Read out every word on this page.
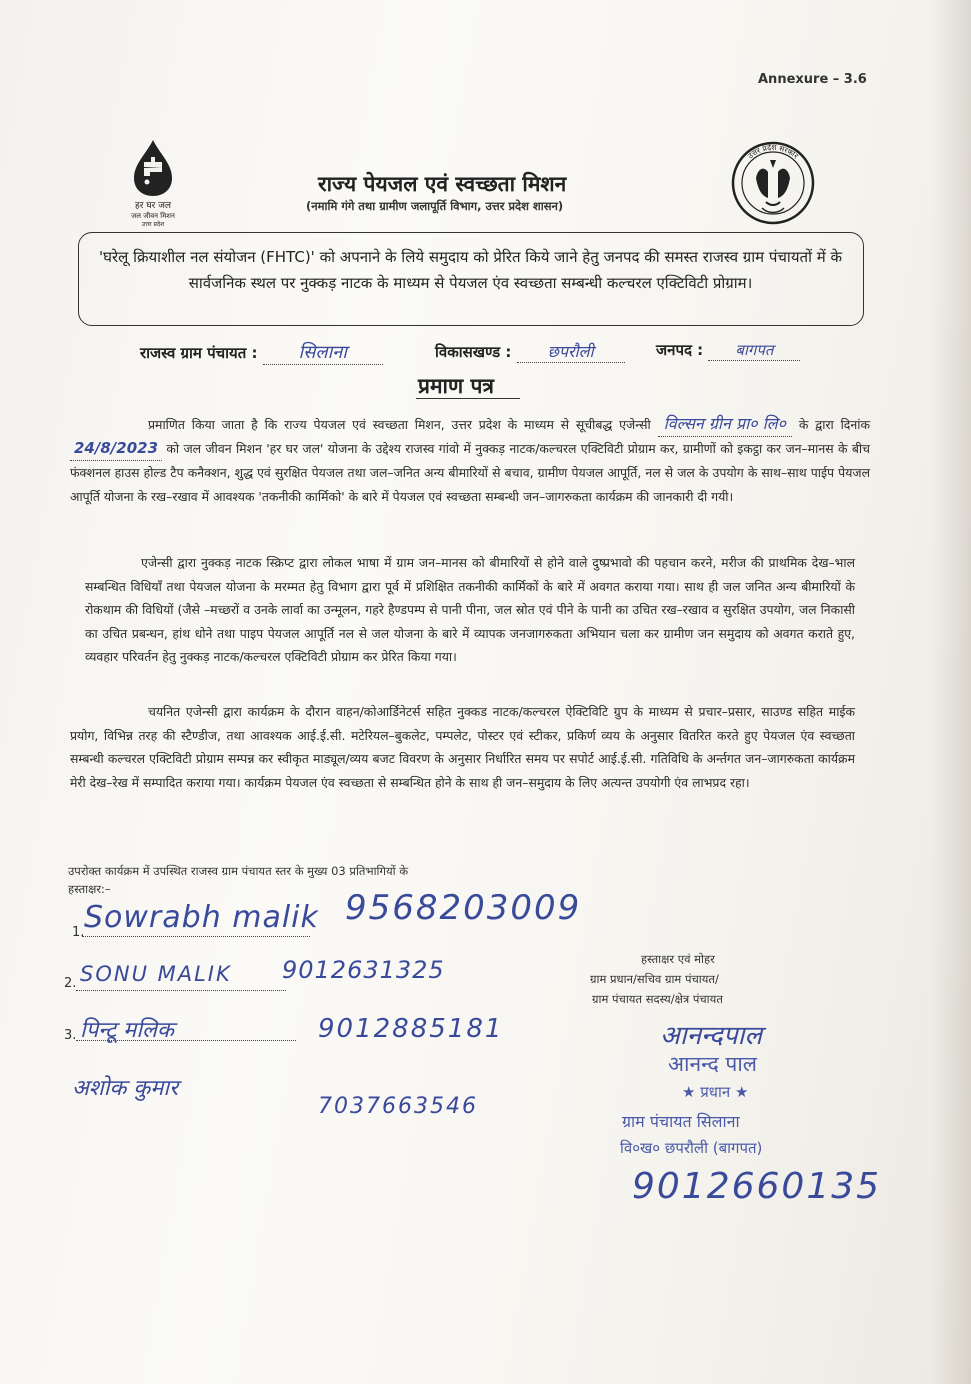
Annexure – 3.6
हर घर जल
जल जीवन मिशन
उत्तर प्रदेश
उत्तर प्रदेश सरकार
राज्य पेयजल एवं स्वच्छता मिशन
(नमामि गंगे तथा ग्रामीण जलापूर्ति विभाग, उत्तर प्रदेश शासन)
'घरेलू क्रियाशील नल संयोजन (FHTC)' को अपनाने के लिये समुदाय को प्रेरित किये जाने हेतु जनपद की समस्त राजस्व ग्राम पंचायतों में के सार्वजनिक स्थल पर नुक्कड़ नाटक के माध्यम से पेयजल एंव स्वच्छता सम्बन्धी कल्चरल एक्टिविटी प्रोग्राम।
राजस्व ग्राम पंचायत : सिलाना	विकासखण्ड : छपरौली	जनपद : बागपत
प्रमाण पत्र
प्रमाणित किया जाता है कि राज्य पेयजल एवं स्वच्छता मिशन, उत्तर प्रदेश के माध्यम से सूचीबद्ध एजेन्सी विल्सन ग्रीन प्रा० लि० के द्वारा दिनांक 24/8/2023 को जल जीवन मिशन 'हर घर जल' योजना के उद्देश्य राजस्व गांवो में नुक्कड़ नाटक/कल्चरल एक्टिविटी प्रोग्राम कर, ग्रामीणों को इकट्ठा कर जन–मानस के बीच फंक्शनल हाउस होल्ड टैप कनैक्शन, शुद्ध एवं सुरक्षित पेयजल तथा जल–जनित अन्य बीमारियों से बचाव, ग्रामीण पेयजल आपूर्ति, नल से जल के उपयोग के साथ–साथ पाईप पेयजल आपूर्ति योजना के रख–रखाव में आवश्यक 'तकनीकी कार्मिको' के बारे में पेयजल एवं स्वच्छता सम्बन्धी जन–जागरुकता कार्यक्रम की जानकारी दी गयी।
एजेन्सी द्वारा नुक्कड़ नाटक स्क्रिप्ट द्वारा लोकल भाषा में ग्राम जन–मानस को बीमारियों से होने वाले दुष्प्रभावो की पहचान करने, मरीज की प्राथमिक देख–भाल सम्बन्धित विधियाँ तथा पेयजल योजना के मरम्मत हेतु विभाग द्वारा पूर्व में प्रशिक्षित तकनीकी कार्मिकों के बारे में अवगत कराया गया। साथ ही जल जनित अन्य बीमारियों के रोकथाम की विधियों (जैसे –मच्छरों व उनके लार्वा का उन्मूलन, गहरे हैण्डपम्प से पानी पीना, जल स्रोत एवं पीने के पानी का उचित रख–रखाव व सुरक्षित उपयोग, जल निकासी का उचित प्रबन्धन, हांथ धोने तथा पाइप पेयजल आपूर्ति नल से जल योजना के बारे में व्यापक जनजागरुकता अभियान चला कर ग्रामीण जन समुदाय को अवगत कराते हुए, व्यवहार परिवर्तन हेतु नुक्कड़ नाटक/कल्चरल एक्टिविटी प्रोग्राम कर प्रेरित किया गया।
चयनित एजेन्सी द्वारा कार्यक्रम के दौरान वाहन/कोआर्डिनेटर्स सहित नुक्कड नाटक/कल्चरल ऐक्टिविटि ग्रुप के माध्यम से प्रचार–प्रसार, साउण्ड सहित माईक प्रयोग, विभिन्न तरह की स्टैण्डीज, तथा आवश्यक आई.ई.सी. मटेरियल–बुकलेट, पम्पलेट, पोस्टर एवं स्टीकर, प्रकिर्ण व्यय के अनुसार वितरित करते हुए पेयजल एंव स्वच्छता सम्बन्धी कल्चरल एक्टिविटी प्रोग्राम सम्पन्न कर स्वीकृत माड्यूल/व्यय बजट विवरण के अनुसार निर्धारित समय पर सपोर्ट आई.ई.सी. गतिविधि के अर्न्तगत जन–जागरुकता कार्यक्रम मेरी देख–रेख में सम्पादित कराया गया। कार्यक्रम पेयजल एंव स्वच्छता से सम्बन्धित होने के साथ ही जन–समुदाय के लिए अत्यन्त उपयोगी एंव लाभप्रद रहा।
उपरोक्त कार्यक्रम में उपस्थित राजस्व ग्राम पंचायत स्तर के मुख्य 03 प्रतिभागियों के
हस्ताक्षर:–
1. Sowrabh malik 9568203009
2. SONU MALIK 9012631325
3. पिन्टू मलिक	9012885181
अशोक कुमार
7037663546
हस्ताक्षर एवं मोहर
ग्राम प्रधान/सचिव ग्राम पंचायत/
ग्राम पंचायत सदस्य/क्षेत्र पंचायत
आनन्दपाल
आनन्द पाल
★ प्रधान ★
ग्राम पंचायत सिलाना
वि०ख० छपरौली (बागपत)
9012660135
